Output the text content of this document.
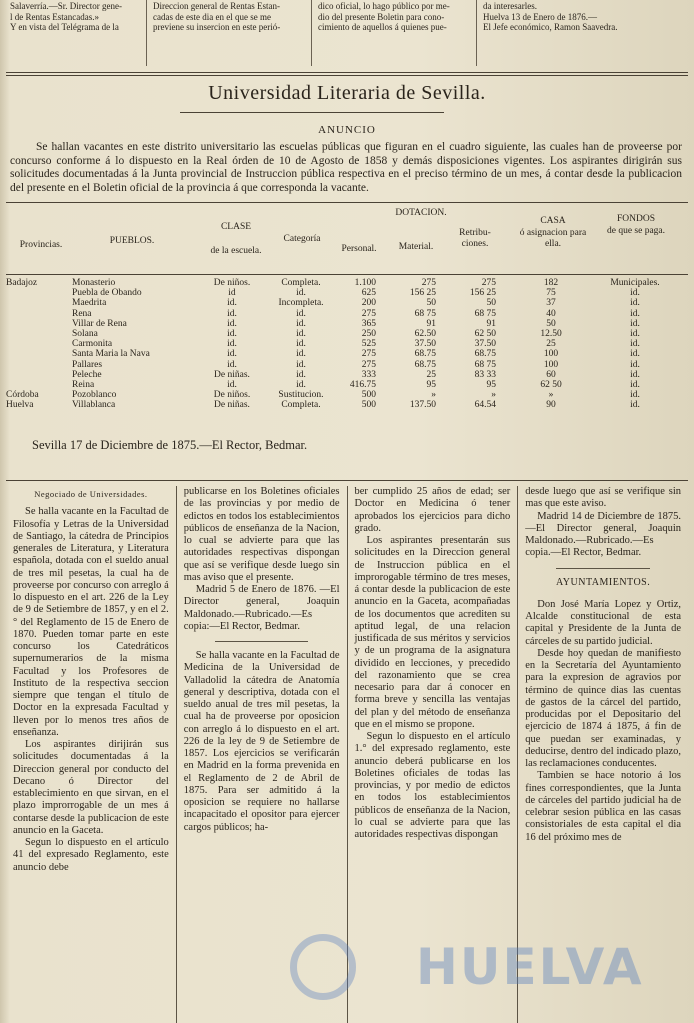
Salaverría.—Sr. Director gene-
l de Rentas Estancadas.»
Y en vista del Telégrama de la
Direccion general de Rentas Estan-
cadas de este dia en el que se me
previene su insercion en este perió-
dico oficial, lo hago público por me-
dio del presente Boletin para cono-
cimiento de aquellos á quienes pue-
da interesarles.
Huelva 13 de Enero de 1876.—
El Jefe económico, Ramon Saavedra.
Universidad Literaria de Sevilla.
ANUNCIO

Se hallan vacantes en este distrito universitario las escuelas públicas que figuran en el cuadro siguiente, las cuales han de proveerse por concurso conforme á lo dispuesto en la Real órden de 10 de Agosto de 1858 y demás disposiciones vigentes. Los aspirantes dirigirán sus solicitudes documentadas á la Junta provincial de Instruccion pública respectiva en el preciso término de un mes, á contar desde la publicacion del presente en el Boletin oficial de la provincia á que corresponda la vacante.

Provincias.	PUEBLOS.
CLASE
de la escuela.
Categoría
DOTACION.
Personal.	Material.
Retribu- ciones.
CASA
ó asignacion para ella.
FONDOS
de que se paga.
Badajoz	Monasterio	De niños.	Completa.	1.100	275	275	182	Municipales.
Puebla de Obando	id	id.	625	156 25	156 25	75	id.
Maedrita	id.	Incompleta.	200	50	50	37	id.
Rena	id.	id.	275	68 75	68 75	40	id.
Villar de Rena	id.	id.	365	91	91	50	id.
Solana	id.	id.	250	62.50	62 50	12.50	id.
Carmonita	id.	id.	525	37.50	37.50	25	id.
Santa Maria la Nava	id.	id.	275	68.75	68.75	100	id.
Pallares	id.	id.	275	68.75	68 75	100	id.
Peleche	De niñas.	id.	333	25	83 33	60	id.
Reina	id.	id.	416.75	95	95	62 50	id.
Córdoba	Pozoblanco	De niños.	Sustitucion.	500	»	»	»	id.
Huelva	Villablanca	De niñas.	Completa.	500	137.50	64.54	90	id.
Sevilla 17 de Diciembre de 1875.—El Rector, Bedmar.

Negociado de Universidades.

Se halla vacante en la Facultad de Filosofía y Letras de la Universidad de Santiago, la cátedra de Principios generales de Literatura, y Literatura española, dotada con el sueldo anual de tres mil pesetas, la cual ha de proveerse por concurso con arreglo á lo dispuesto en el art. 226 de la Ley de 9 de Setiembre de 1857, y en el 2.° del Reglamento de 15 de Enero de 1870. Pueden tomar parte en este concurso los Catedráticos supernumerarios de la misma Facultad y los Profesores de Instituto de la respectiva seccion siempre que tengan el título de Doctor en la expresada Facultad y lleven por lo menos tres años de enseñanza.

Los aspirantes dirijirán sus solicitudes documentadas á la Direccion general por conducto del Decano ó Director del establecimiento en que sirvan, en el plazo improrrogable de un mes á contarse desde la publicacion de este anuncio en la Gaceta.

Segun lo dispuesto en el artículo 41 del expresado Reglamento, este anuncio debe

publicarse en los Boletines oficiales de las provincias y por medio de edictos en todos los establecimientos públicos de enseñanza de la Nacion, lo cual se advierte para que las autoridades respectivas dispongan que así se verifique desde luego sin mas aviso que el presente.

Madrid 5 de Enero de 1876. —El Director general, Joaquin Maldonado.—Rubricado.—Es copia:—El Rector, Bedmar.

Se halla vacante en la Facultad de Medicina de la Universidad de Valladolid la cátedra de Anatomía general y descriptiva, dotada con el sueldo anual de tres mil pesetas, la cual ha de proveerse por oposicion con arreglo á lo dispuesto en el art. 226 de la ley de 9 de Setiembre de 1857. Los ejercicios se verificarán en Madrid en la forma prevenida en el Reglamento de 2 de Abril de 1875. Para ser admitido á la oposicion se requiere no hallarse incapacitado el opositor para ejercer cargos públicos; ha-

ber cumplido 25 años de edad; ser Doctor en Medicina ó tener aprobados los ejercicios para dicho grado.

Los aspirantes presentarán sus solicitudes en la Direccion general de Instruccion pública en el improrogable término de tres meses, á contar desde la publicacion de este anuncio en la Gaceta, acompañadas de los documentos que acrediten su aptitud legal, de una relacion justificada de sus méritos y servicios y de un programa de la asignatura dividido en lecciones, y precedido del razonamiento que se crea necesario para dar á conocer en forma breve y sencilla las ventajas del plan y del método de enseñanza que en el mismo se propone.

Segun lo dispuesto en el artículo 1.° del expresado reglamento, este anuncio deberá publicarse en los Boletines oficiales de todas las provincias, y por medio de edictos en todos los establecimientos públicos de enseñanza de la Nacion, lo cual se advierte para que las autoridades respectivas dispongan

desde luego que así se verifique sin mas que este aviso.

Madrid 14 de Diciembre de 1875.—El Director general, Joaquin Maldonado.—Rubricado.—Es copia.—El Rector, Bedmar.

AYUNTAMIENTOS.

Don José María Lopez y Ortiz, Alcalde constitucional de esta capital y Presidente de la Junta de cárceles de su partido judicial.

Desde hoy quedan de manifiesto en la Secretaría del Ayuntamiento para la expresion de agravios por término de quince dias las cuentas de gastos de la cárcel del partido, producidas por el Depositario del ejercicio de 1874 á 1875, á fin de que puedan ser examinadas, y deducirse, dentro del indicado plazo, las reclamaciones conducentes.

Tambien se hace notorio á los fines correspondientes, que la Junta de cárceles del partido judicial ha de celebrar sesion pública en las casas consistoriales de esta capital el dia 16 del próximo mes de

HUELVA
